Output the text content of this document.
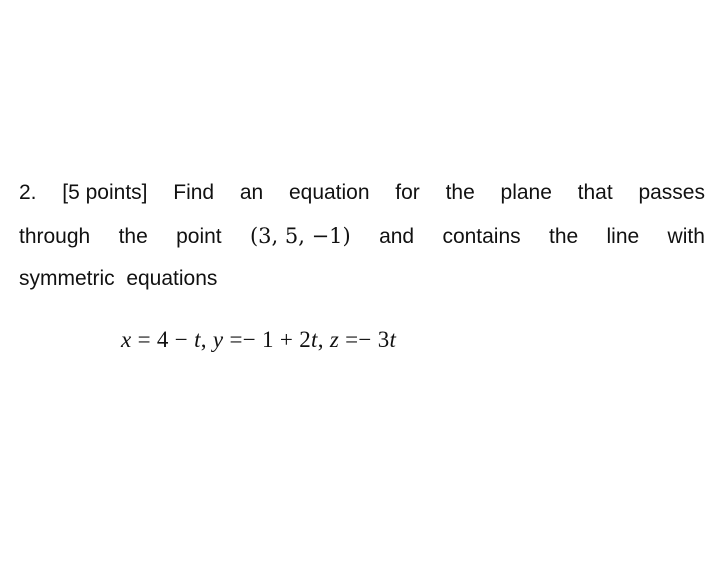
2. [5 points] Find an equation for the plane that passes
through the point (3, 5, −1) and contains the line with
symmetric  equations
x = 4 − t, y =− 1 + 2t, z =− 3t
